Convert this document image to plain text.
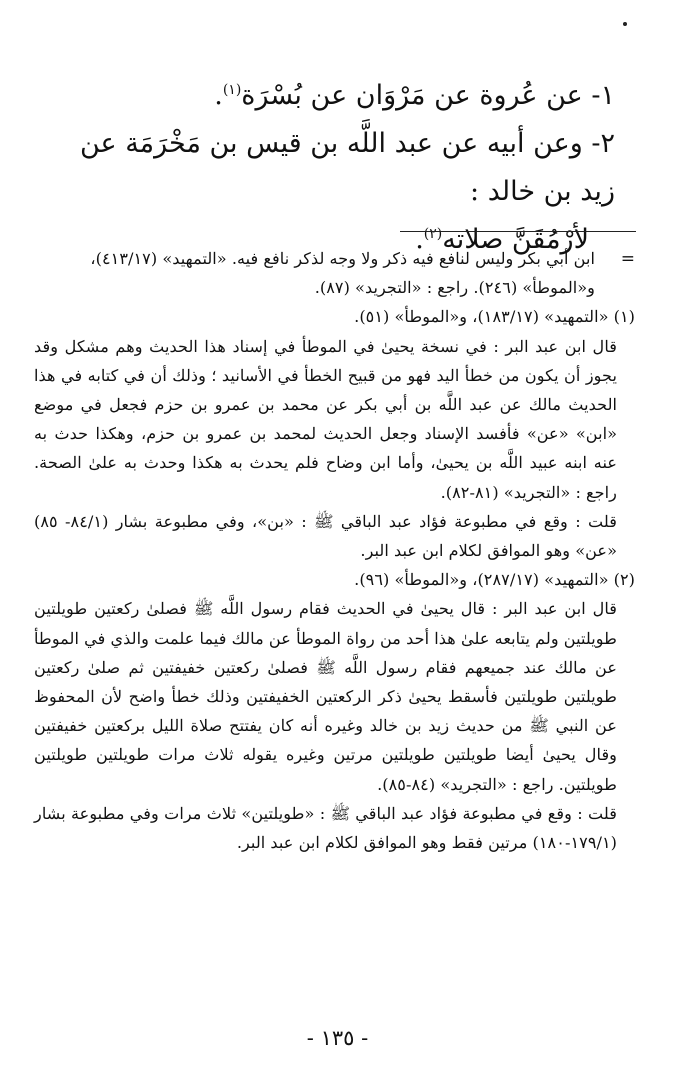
١- عن عُروة عن مَرْوَان عن بُسْرَة$^{(١)}$.

٢- وعن أبيه عن عبد اللَّه بن قيس بن مَخْرَمَة عن زيد بن خالد :

لأرْمُقَنَّ صلاته$^{(٢)}$.

=

ابن أبي بكر وليس لنافع فيه ذكر ولا وجه لذكر نافع فيه. «التمهيد» (٤١٣/١٧)،

و«الموطأ» (٢٤٦). راجع : «التجريد» (٨٧).

(١) «التمهيد» (١٨٣/١٧)، و«الموطأ» (٥١).

قال ابن عبد البر : في نسخة يحيىٰ في الموطأ في إسناد هذا الحديث وهم مشكل وقد يجوز أن يكون من خطأ اليد فهو من قبيح الخطأ في الأسانيد ؛ وذلك أن في كتابه في هذا الحديث مالك عن عبد اللَّه بن أبي بكر عن محمد بن عمرو بن حزم فجعل في موضع «ابن» «عن» فأفسد الإسناد وجعل الحديث لمحمد بن عمرو بن حزم، وهكذا حدث به عنه ابنه عبيد اللَّه بن يحيىٰ، وأما ابن وضاح فلم يحدث به هكذا وحدث به علىٰ الصحة. راجع : «التجريد» (٨١-٨٢).

قلت : وقع في مطبوعة فؤاد عبد الباقي ﷺ : «بن»، وفي مطبوعة بشار (٨٤/١- ٨٥) «عن» وهو الموافق لكلام ابن عبد البر.

(٢) «التمهيد» (٢٨٧/١٧)، و«الموطأ» (٩٦).

قال ابن عبد البر : قال يحيىٰ في الحديث فقام رسول اللَّه ﷺ فصلىٰ ركعتين طويلتين طويلتين ولم يتابعه علىٰ هذا أحد من رواة الموطأ عن مالك فيما علمت والذي في الموطأ عن مالك عند جميعهم فقام رسول اللَّه ﷺ فصلىٰ ركعتين خفيفتين ثم صلىٰ ركعتين طويلتين طويلتين فأسقط يحيىٰ ذكر الركعتين الخفيفتين وذلك خطأ واضح لأن المحفوظ عن النبي ﷺ من حديث زيد بن خالد وغيره أنه كان يفتتح صلاة الليل بركعتين خفيفتين وقال يحيىٰ أيضا طويلتين طويلتين مرتين وغيره يقوله ثلاث مرات طويلتين طويلتين طويلتين. راجع : «التجريد» (٨٤-٨٥).

قلت : وقع في مطبوعة فؤاد عبد الباقي ﷺ : «طويلتين» ثلاث مرات وفي مطبوعة بشار (١٧٩/١-١٨٠) مرتين فقط وهو الموافق لكلام ابن عبد البر.

- ١٣٥ -
